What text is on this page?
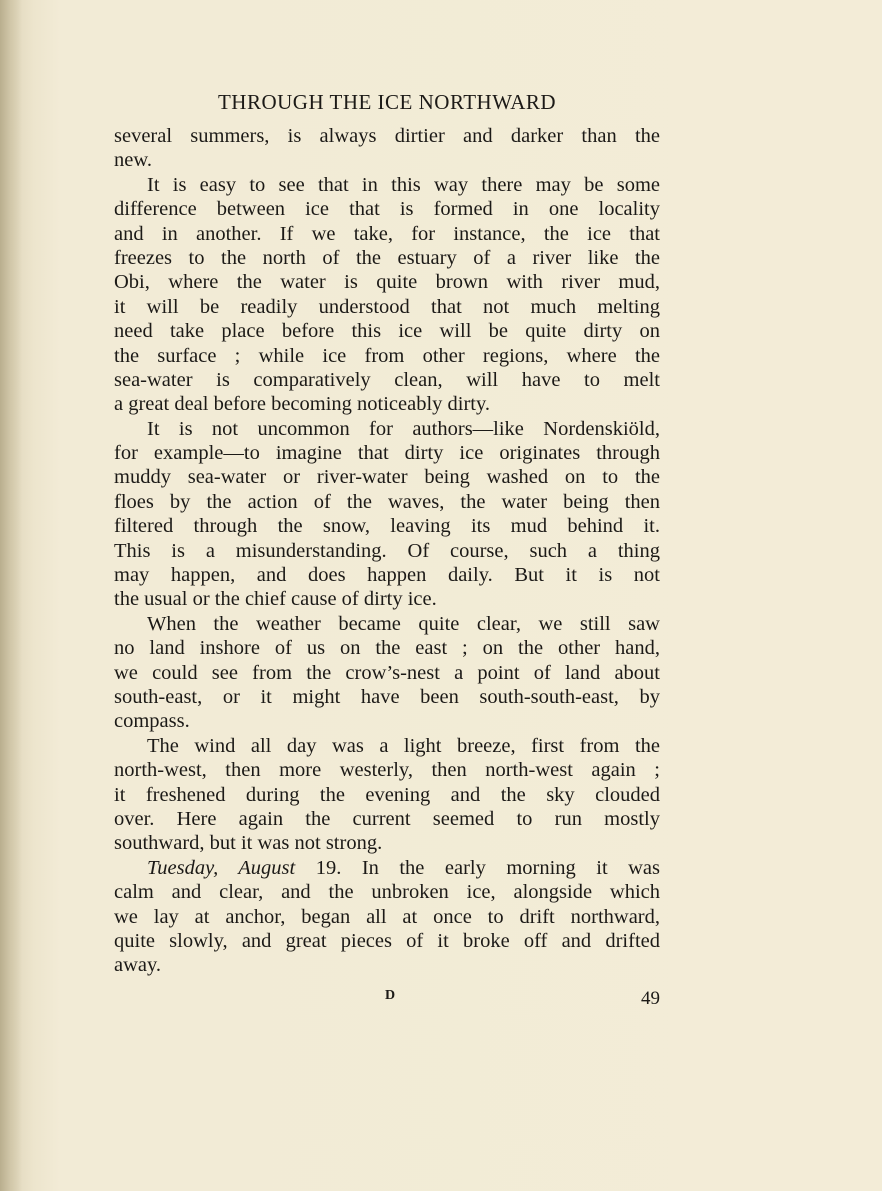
THROUGH THE ICE NORTHWARD
several summers, is always dirtier and darker than the
new.
It is easy to see that in this way there may be some
difference between ice that is formed in one locality
and in another. If we take, for instance, the ice that
freezes to the north of the estuary of a river like the
Obi, where the water is quite brown with river mud,
it will be readily understood that not much melting
need take place before this ice will be quite dirty on
the surface ; while ice from other regions, where the
sea-water is comparatively clean, will have to melt
a great deal before becoming noticeably dirty.
It is not uncommon for authors—like Nordenskiöld,
for example—to imagine that dirty ice originates through
muddy sea-water or river-water being washed on to the
floes by the action of the waves, the water being then
filtered through the snow, leaving its mud behind it.
This is a misunderstanding. Of course, such a thing
may happen, and does happen daily. But it is not
the usual or the chief cause of dirty ice.
When the weather became quite clear, we still saw
no land inshore of us on the east ; on the other hand,
we could see from the crow’s-nest a point of land about
south-east, or it might have been south-south-east, by
compass.
The wind all day was a light breeze, first from the
north-west, then more westerly, then north-west again ;
it freshened during the evening and the sky clouded
over. Here again the current seemed to run mostly
southward, but it was not strong.
Tuesday, August 19. In the early morning it was
calm and clear, and the unbroken ice, alongside which
we lay at anchor, began all at once to drift northward,
quite slowly, and great pieces of it broke off and drifted
away.
D	49
